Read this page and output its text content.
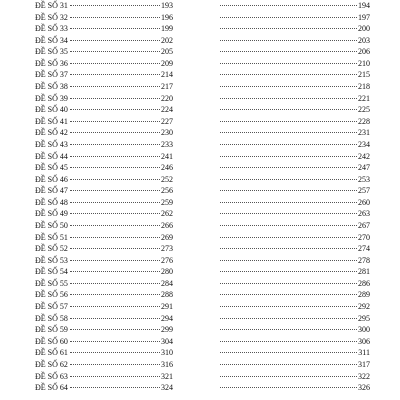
ĐỀ SỐ 31	193
ĐỀ SỐ 32	196
ĐỀ SỐ 33	199
ĐỀ SỐ 34	202
ĐỀ SỐ 35	205
ĐỀ SỐ 36	209
ĐỀ SỐ 37	214
ĐỀ SỐ 38	217
ĐỀ SỐ 39	220
ĐỀ SỐ 40	224
ĐỀ SỐ 41	227
ĐỀ SỐ 42	230
ĐỀ SỐ 43	233
ĐỀ SỐ 44	241
ĐỀ SỐ 45	246
ĐỀ SỐ 46	252
ĐỀ SỐ 47	256
ĐỀ SỐ 48	259
ĐỀ SỐ 49	262
ĐỀ SỐ 50	266
ĐỀ SỐ 51	269
ĐỀ SỐ 52	273
ĐỀ SỐ 53	276
ĐỀ SỐ 54	280
ĐỀ SỐ 55	284
ĐỀ SỐ 56	288
ĐỀ SỐ 57	291
ĐỀ SỐ 58	294
ĐỀ SỐ 59	299
ĐỀ SỐ 60	304
ĐỀ SỐ 61	310
ĐỀ SỐ 62	316
ĐỀ SỐ 63	321
ĐỀ SỐ 64	324
194
197
200
203
206
210
215
218
221
225
228
231
234
242
247
253
257
260
263
267
270
274
278
281
286
289
292
295
300
306
311
317
322
326
